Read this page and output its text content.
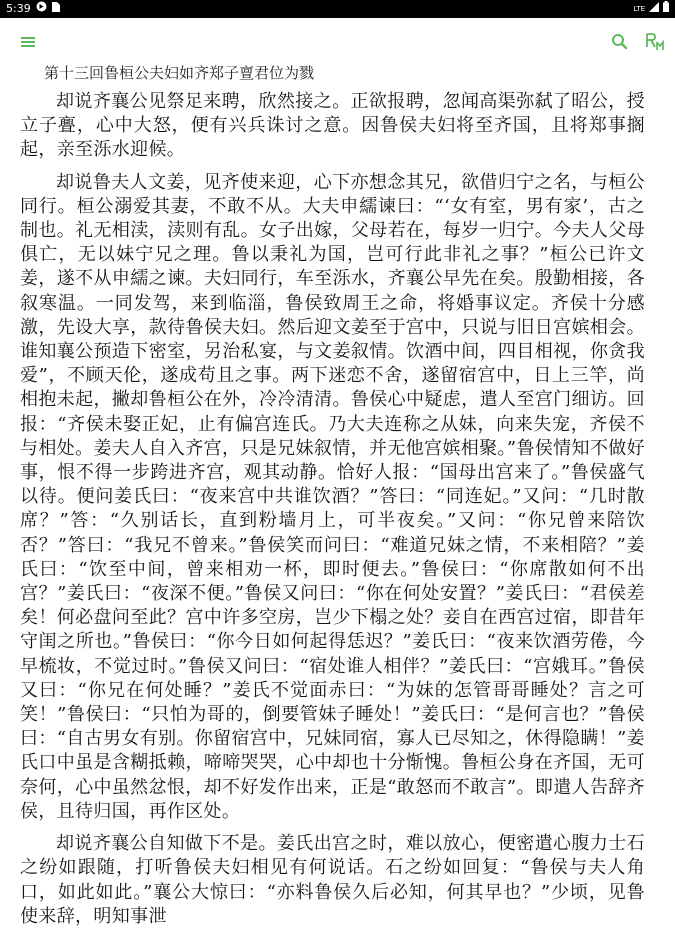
5:39	LTE
第十三回鲁桓公夫妇如齐郑子亶君位为戮

却说齐襄公见祭足来聘，欣然接之。正欲报聘，忽闻高渠弥弑了昭公，授立子亹，心中大怒，便有兴兵诛讨之意。因鲁侯夫妇将至齐国，且将郑事搁起，亲至泺水迎候。

却说鲁夫人文姜，见齐使来迎，心下亦想念其兄，欲借归宁之名，与桓公同行。桓公溺爱其妻，不敢不从。大夫申繻谏曰：“‘女有室，男有家’，古之制也。礼无相渎，渎则有乱。女子出嫁，父母若在，每岁一归宁。今夫人父母俱亡，无以妹宁兄之理。鲁以秉礼为国，岂可行此非礼之事？”桓公已许文姜，遂不从申繻之谏。夫妇同行，车至泺水，齐襄公早先在矣。殷勤相接，各叙寒温。一同发驾，来到临淄，鲁侯致周王之命，将婚事议定。齐侯十分感激，先设大享，款待鲁侯夫妇。然后迎文姜至于宫中，只说与旧日宫嫔相会。谁知襄公预造下密室，另治私宴，与文姜叙情。饮酒中间，四目相视，你贪我爱”，不顾天伦，遂成苟且之事。两下迷恋不舍，遂留宿宫中，日上三竿，尚相抱未起，撇却鲁桓公在外，冷冷清清。鲁侯心中疑虑，遣人至宫门细访。回报：“齐侯未娶正妃，止有偏宫连氏。乃大夫连称之从妹，向来失宠，齐侯不与相处。姜夫人自入齐宫，只是兄妹叙情，并无他宫嫔相聚。”鲁侯情知不做好事，恨不得一步跨进齐宫，观其动静。恰好人报：“国母出宫来了。”鲁侯盛气以待。便问姜氏曰：“夜来宫中共谁饮酒？”答曰：“同连妃。”又问：“几时散席？”答：“久别话长，直到粉墙月上，可半夜矣。”又问：“你兄曾来陪饮否？”答曰：“我兄不曾来。”鲁侯笑而问曰：“难道兄妹之情，不来相陪？”姜氏曰：“饮至中间，曾来相劝一杯，即时便去。”鲁侯曰：“你席散如何不出宫？”姜氏曰：“夜深不便。”鲁侯又问曰：“你在何处安置？”姜氏曰：“君侯差矣！何必盘问至此？宫中许多空房，岂少下榻之处？妾自在西宫过宿，即昔年守闺之所也。”鲁侯曰：“你今日如何起得恁迟？”姜氏曰：“夜来饮酒劳倦，今早梳妆，不觉过时。”鲁侯又问曰：“宿处谁人相伴？”姜氏曰：“宫娥耳。”鲁侯又曰：“你兄在何处睡？”姜氏不觉面赤曰：“为妹的怎管哥哥睡处？言之可笑！”鲁侯曰：“只怕为哥的，倒要管妹子睡处！”姜氏曰：“是何言也？”鲁侯曰：“自古男女有别。你留宿宫中，兄妹同宿，寡人已尽知之，休得隐瞒！”姜氏口中虽是含糊抵赖，啼啼哭哭，心中却也十分惭愧。鲁桓公身在齐国，无可奈何，心中虽然忿恨，却不好发作出来，正是“敢怒而不敢言”。即遣人告辞齐侯，且待归国，再作区处。

却说齐襄公自知做下不是。姜氏出宫之时，难以放心，便密遣心腹力士石之纷如跟随，打听鲁侯夫妇相见有何说话。石之纷如回复：“鲁侯与夫人角口，如此如此。”襄公大惊曰：“亦料鲁侯久后必知，何其早也？”少顷，见鲁使来辞，明知事泄
